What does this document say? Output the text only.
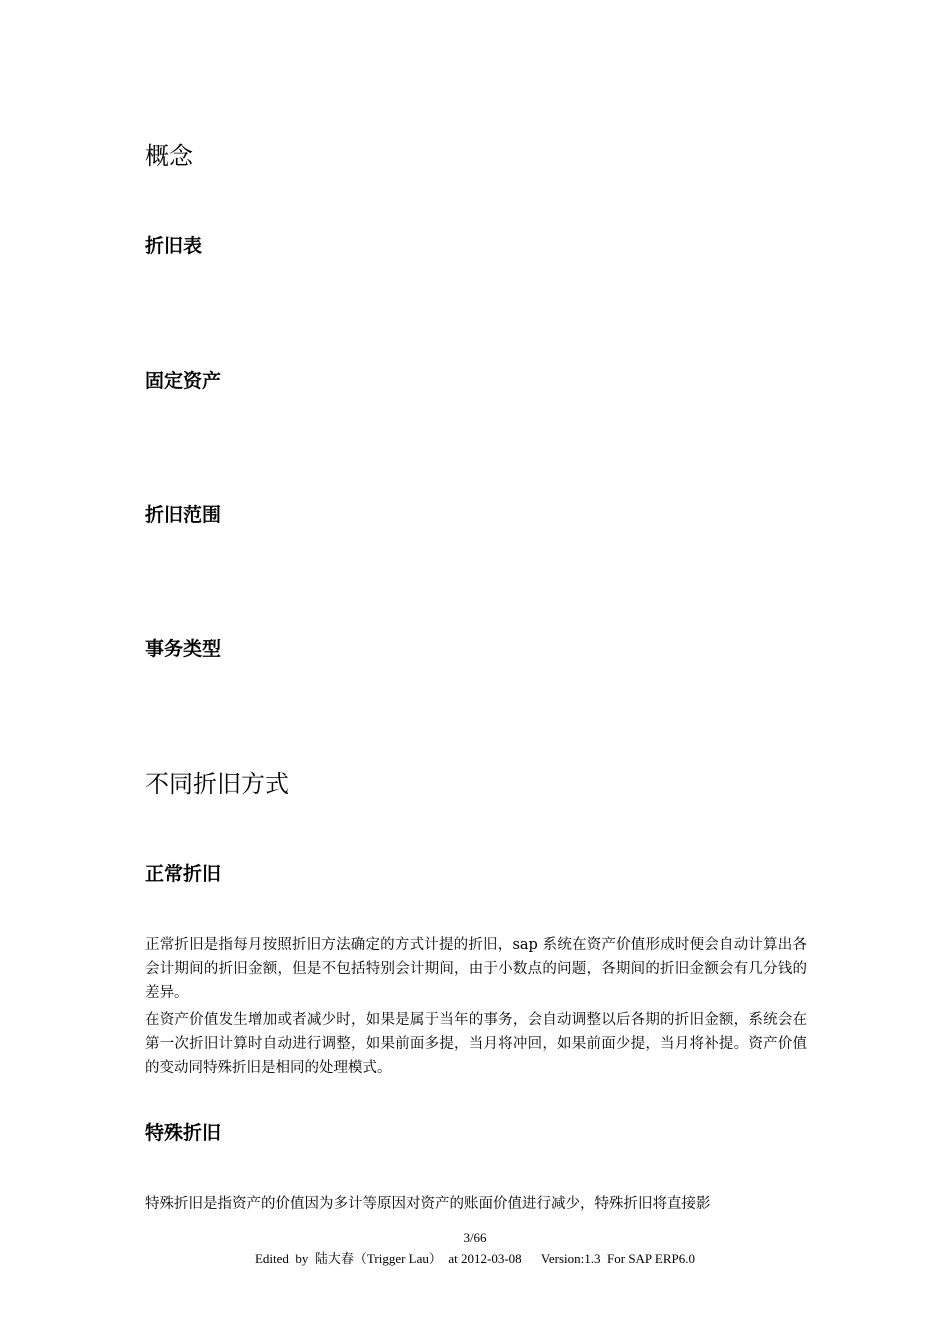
概念
折旧表
固定资产
折旧范围
事务类型
不同折旧方式
正常折旧

正常折旧是指每月按照折旧方法确定的方式计提的折旧，sap 系统在资产价值形成时便会自动计算出各会计期间的折旧金额，但是不包括特别会计期间，由于小数点的问题，各期间的折旧金额会有几分钱的差异。

在资产价值发生增加或者减少时，如果是属于当年的事务，会自动调整以后各期的折旧金额，系统会在第一次折旧计算时自动进行调整，如果前面多提，当月将冲回，如果前面少提，当月将补提。资产价值的变动同特殊折旧是相同的处理模式。

特殊折旧

特殊折旧是指资产的价值因为多计等原因对资产的账面价值进行减少，特殊折旧将直接影

3/66
Edited  by  陆大春（Trigger Lau）  at 2012-03-08      Version:1.3  For SAP ERP6.0
